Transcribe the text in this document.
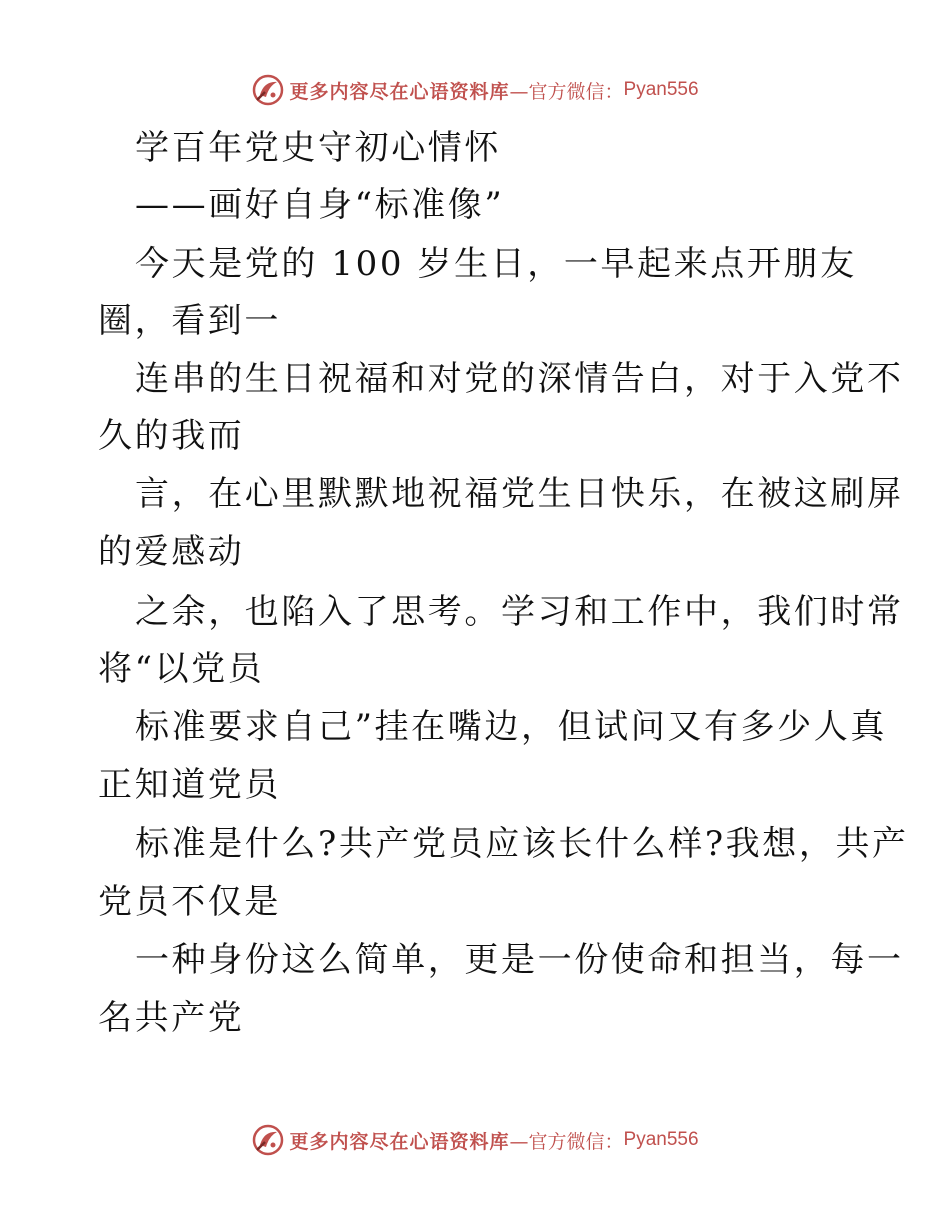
更多内容尽在心语资料库 —官方微信 ： Pyan556
学百年党史守初心情怀
——画好自身“标准像”
今天是党的 100 岁生日，一早起来点开朋友
圈，看到一
连串的生日祝福和对党的深情告白，对于入党不
久的我而
言，在心里默默地祝福党生日快乐，在被这刷屏
的爱感动
之余，也陷入了思考。学习和工作中，我们时常
将“以党员
标准要求自己”挂在嘴边，但试问又有多少人真
正知道党员
标准是什么?共产党员应该长什么样?我想，共产
党员不仅是
一种身份这么简单，更是一份使命和担当，每一
名共产党
更多内容尽在心语资料库 —官方微信 ： Pyan556
